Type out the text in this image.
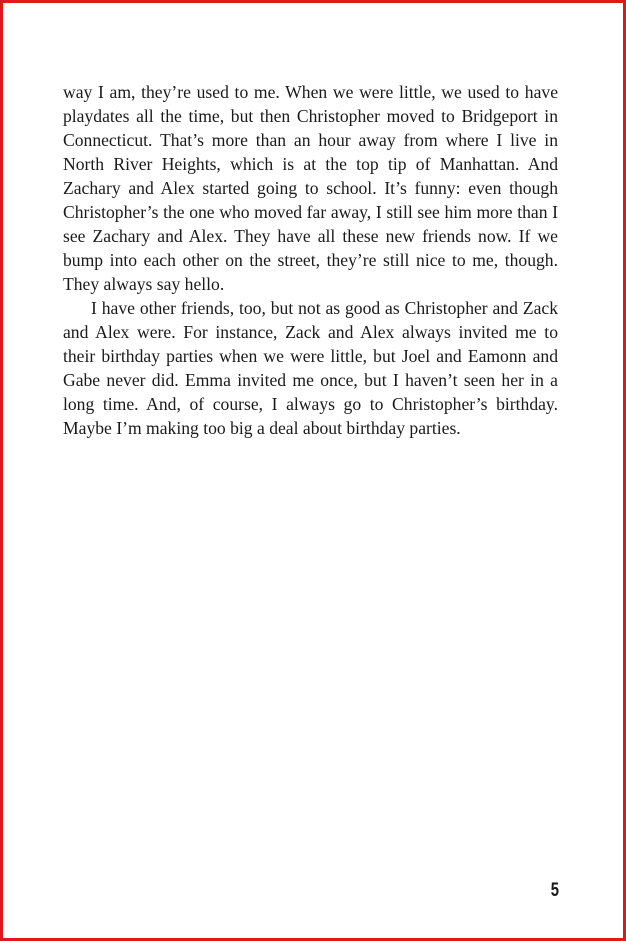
way I am, they’re used to me. When we were little, we used to have playdates all the time, but then Christopher moved to Bridgeport in Connecticut. That’s more than an hour away from where I live in North River Heights, which is at the top tip of Manhattan. And Zachary and Alex started going to school. It’s funny: even though Christopher’s the one who moved far away, I still see him more than I see Zachary and Alex. They have all these new friends now. If we bump into each other on the street, they’re still nice to me, though. They always say hello.

I have other friends, too, but not as good as Christopher and Zack and Alex were. For instance, Zack and Alex always invited me to their birthday parties when we were little, but Joel and Eamonn and Gabe never did. Emma invited me once, but I haven’t seen her in a long time. And, of course, I always go to Christopher’s birthday. Maybe I’m making too big a deal about birthday parties.

5
